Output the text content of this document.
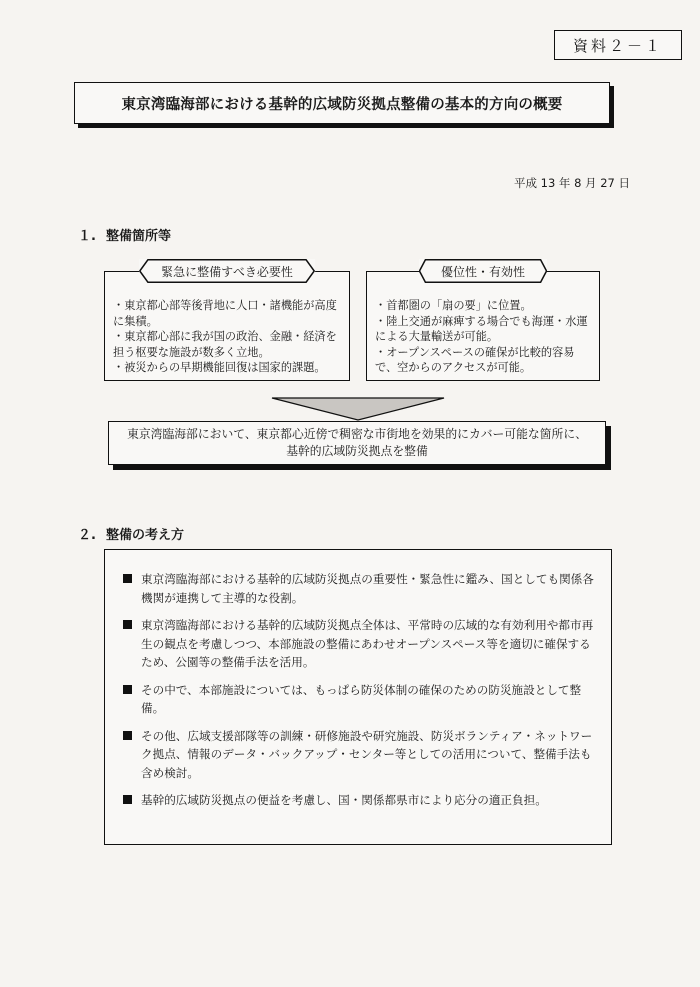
資料２－１
東京湾臨海部における基幹的広域防災拠点整備の基本的方向の概要
平成 13 年 8 月 27 日
１. 整備箇所等
緊急に整備すべき必要性
・東京都心部等後背地に人口・諸機能が高度に集積。
・東京都心部に我が国の政治、金融・経済を担う枢要な施設が数多く立地。
・被災からの早期機能回復は国家的課題。
優位性・有効性
・首都圏の「扇の要」に位置。
・陸上交通が麻痺する場合でも海運・水運による大量輸送が可能。
・オープンスペースの確保が比較的容易で、空からのアクセスが可能。
東京湾臨海部において、東京都心近傍で稠密な市街地を効果的にカバー可能な箇所に、
基幹的広域防災拠点を整備
２. 整備の考え方
東京湾臨海部における基幹的広域防災拠点の重要性・緊急性に鑑み、国としても関係各機関が連携して主導的な役割。
東京湾臨海部における基幹的広域防災拠点全体は、平常時の広域的な有効利用や都市再生の観点を考慮しつつ、本部施設の整備にあわせオープンスペース等を適切に確保するため、公園等の整備手法を活用。
その中で、本部施設については、もっぱら防災体制の確保のための防災施設として整備。
その他、広域支援部隊等の訓練・研修施設や研究施設、防災ボランティア・ネットワーク拠点、情報のデータ・バックアップ・センター等としての活用について、整備手法も含め検討。
基幹的広域防災拠点の便益を考慮し、国・関係都県市により応分の適正負担。
